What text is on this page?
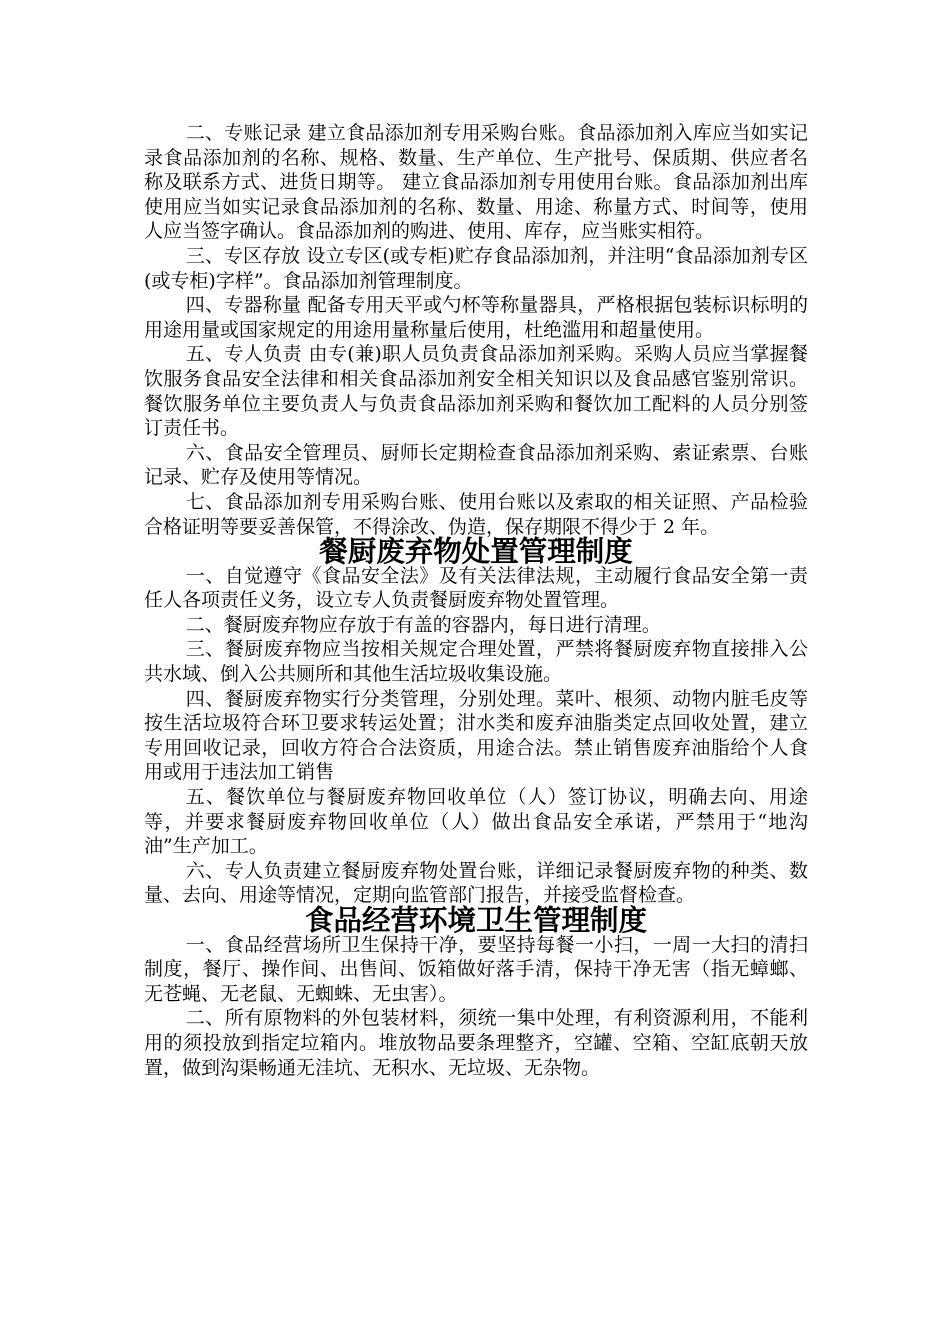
二、专账记录 建立食品添加剂专用采购台账。食品添加剂入库应当如实记录食品添加剂的名称、规格、数量、生产单位、生产批号、保质期、供应者名称及联系方式、进货日期等。 建立食品添加剂专用使用台账。食品添加剂出库使用应当如实记录食品添加剂的名称、数量、用途、称量方式、时间等，使用人应当签字确认。食品添加剂的购进、使用、库存，应当账实相符。

三、专区存放 设立专区(或专柜)贮存食品添加剂，并注明“食品添加剂专区(或专柜)字样”。食品添加剂管理制度。

四、专器称量 配备专用天平或勺杯等称量器具，严格根据包装标识标明的用途用量或国家规定的用途用量称量后使用，杜绝滥用和超量使用。

五、专人负责 由专(兼)职人员负责食品添加剂采购。采购人员应当掌握餐饮服务食品安全法律和相关食品添加剂安全相关知识以及食品感官鉴别常识。餐饮服务单位主要负责人与负责食品添加剂采购和餐饮加工配料的人员分别签订责任书。

六、食品安全管理员、厨师长定期检查食品添加剂采购、索证索票、台账记录、贮存及使用等情况。

七、食品添加剂专用采购台账、使用台账以及索取的相关证照、产品检验合格证明等要妥善保管，不得涂改、伪造，保存期限不得少于 2 年。

餐厨废弃物处置管理制度

一、自觉遵守《食品安全法》及有关法律法规，主动履行食品安全第一责任人各项责任义务，设立专人负责餐厨废弃物处置管理。

二、餐厨废弃物应存放于有盖的容器内，每日进行清理。

三、餐厨废弃物应当按相关规定合理处置，严禁将餐厨废弃物直接排入公共水域、倒入公共厕所和其他生活垃圾收集设施。

四、餐厨废弃物实行分类管理，分别处理。菜叶、根须、动物内脏毛皮等按生活垃圾符合环卫要求转运处置；泔水类和废弃油脂类定点回收处置，建立专用回收记录，回收方符合合法资质，用途合法。禁止销售废弃油脂给个人食用或用于违法加工销售

五、餐饮单位与餐厨废弃物回收单位（人）签订协议，明确去向、用途等，并要求餐厨废弃物回收单位（人）做出食品安全承诺，严禁用于“地沟油”生产加工。

六、专人负责建立餐厨废弃物处置台账，详细记录餐厨废弃物的种类、数量、去向、用途等情况，定期向监管部门报告，并接受监督检查。

食品经营环境卫生管理制度

一、食品经营场所卫生保持干净，要坚持每餐一小扫，一周一大扫的清扫制度，餐厅、操作间、出售间、饭箱做好落手清，保持干净无害（指无蟑螂、无苍蝇、无老鼠、无蜘蛛、无虫害）。

二、所有原物料的外包装材料，须统一集中处理，有利资源利用，不能利用的须投放到指定垃箱内。堆放物品要条理整齐，空罐、空箱、空缸底朝天放置，做到沟渠畅通无洼坑、无积水、无垃圾、无杂物。
